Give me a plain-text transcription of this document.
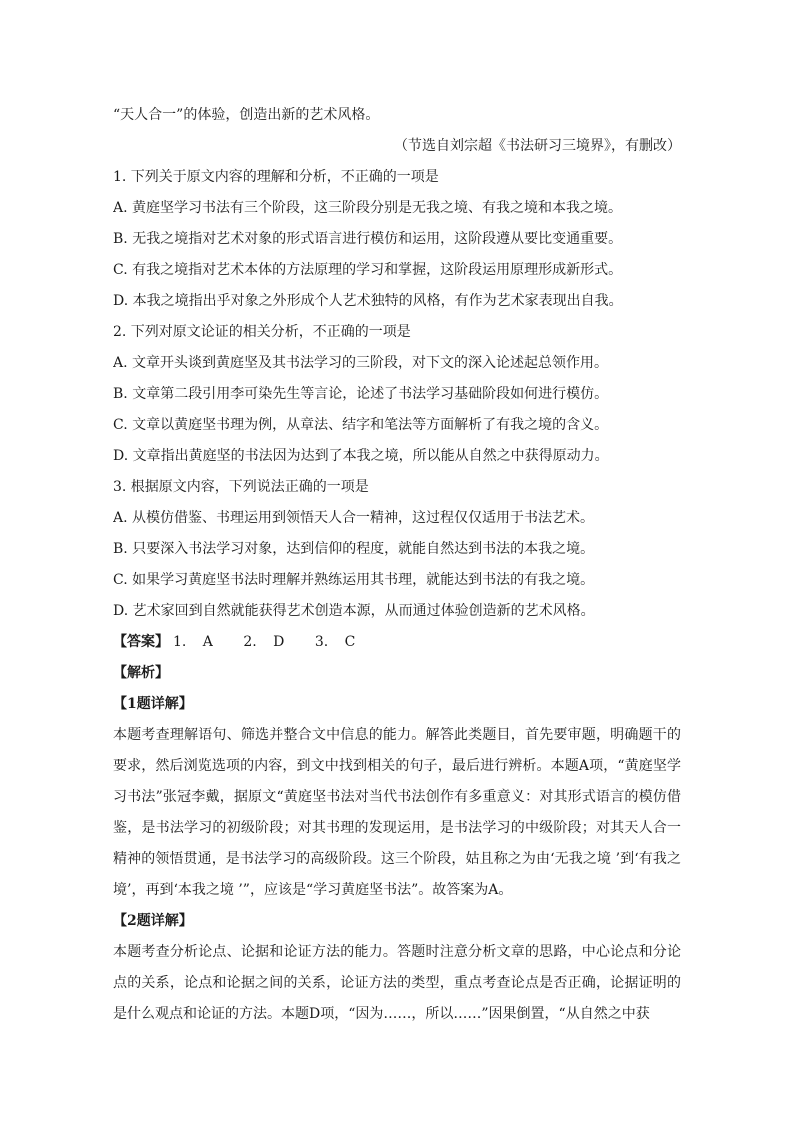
“天人合一”的体验，创造出新的艺术风格。
（节选自刘宗超《书法研习三境界》，有删改）
1. 下列关于原文内容的理解和分析，不正确的一项是
A. 黄庭坚学习书法有三个阶段，这三阶段分别是无我之境、有我之境和本我之境。
B. 无我之境指对艺术对象的形式语言进行模仿和运用，这阶段遵从要比变通重要。
C. 有我之境指对艺术本体的方法原理的学习和掌握，这阶段运用原理形成新形式。
D. 本我之境指出乎对象之外形成个人艺术独特的风格，有作为艺术家表现出自我。
2. 下列对原文论证的相关分析，不正确的一项是
A. 文章开头谈到黄庭坚及其书法学习的三阶段，对下文的深入论述起总领作用。
B. 文章第二段引用李可染先生等言论，论述了书法学习基础阶段如何进行模仿。
C. 文章以黄庭坚书理为例，从章法、结字和笔法等方面解析了有我之境的含义。
D. 文章指出黄庭坚的书法因为达到了本我之境，所以能从自然之中获得原动力。
3. 根据原文内容，下列说法正确的一项是
A. 从模仿借鉴、书理运用到领悟天人合一精神，这过程仅仅适用于书法艺术。
B. 只要深入书法学习对象，达到信仰的程度，就能自然达到书法的本我之境。
C. 如果学习黄庭坚书法时理解并熟练运用其书理，就能达到书法的有我之境。
D. 艺术家回到自然就能获得艺术创造本源，从而通过体验创造新的艺术风格。
【答案】 1. A　 2. D　 3. C
【解析】
【1题详解】
本题考查理解语句、筛选并整合文中信息的能力。解答此类题目，首先要审题，明确题干的要求，然后浏览选项的内容，到文中找到相关的句子，最后进行辨析。本题A项，“黄庭坚学习书法”张冠李戴，据原文“黄庭坚书法对当代书法创作有多重意义：对其形式语言的模仿借鉴，是书法学习的初级阶段；对其书理的发现运用，是书法学习的中级阶段；对其天人合一精神的领悟贯通，是书法学习的高级阶段。这三个阶段，姑且称之为由‘无我之境 ’到‘有我之境’，再到‘本我之境 ’”，应该是“学习黄庭坚书法”。故答案为A。
【2题详解】
本题考查分析论点、论据和论证方法的能力。答题时注意分析文章的思路，中心论点和分论点的关系，论点和论据之间的关系，论证方法的类型，重点考查论点是否正确，论据证明的是什么观点和论证的方法。本题D项，“因为……，所以……”因果倒置，“从自然之中获
